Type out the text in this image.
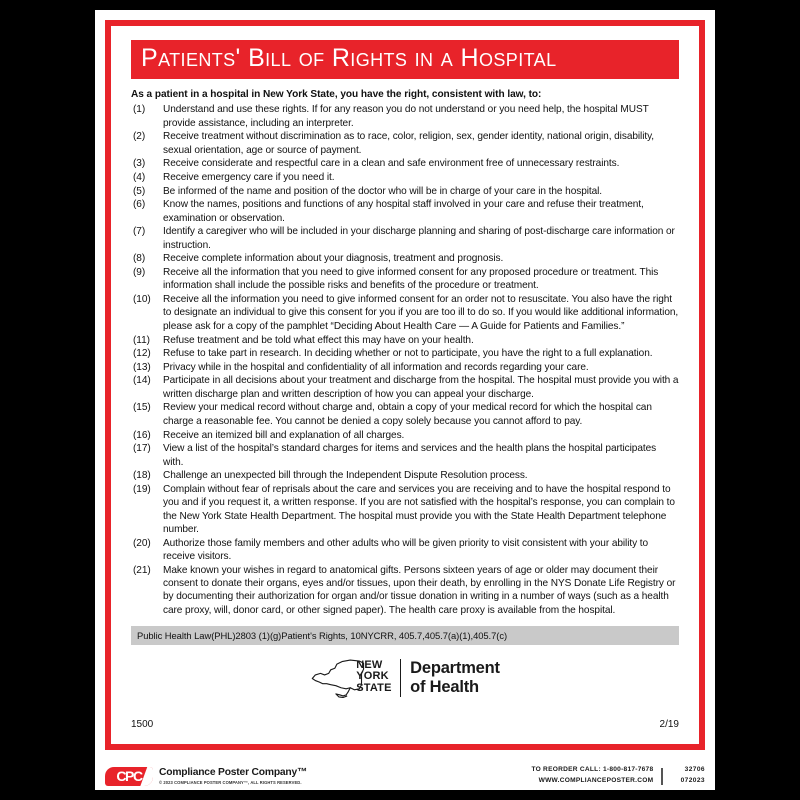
Patients' Bill of Rights in a Hospital
As a patient in a hospital in New York State, you have the right, consistent with law, to:
(1)	Understand and use these rights. If for any reason you do not understand or you need help, the hospital MUST provide assistance, including an interpreter.
(2)	Receive treatment without discrimination as to race, color, religion, sex, gender identity, national origin, disability, sexual orientation, age or source of payment.
(3)	Receive considerate and respectful care in a clean and safe environment free of unnecessary restraints.
(4)	Receive emergency care if you need it.
(5)	Be informed of the name and position of the doctor who will be in charge of your care in the hospital.
(6)	Know the names, positions and functions of any hospital staff involved in your care and refuse their treatment, examination or observation.
(7)	Identify a caregiver who will be included in your discharge planning and sharing of post-discharge care information or instruction.
(8)	Receive complete information about your diagnosis, treatment and prognosis.
(9)	Receive all the information that you need to give informed consent for any proposed procedure or treatment. This information shall include the possible risks and benefits of the procedure or treatment.
(10)	Receive all the information you need to give informed consent for an order not to resuscitate. You also have the right to designate an individual to give this consent for you if you are too ill to do so. If you would like additional information, please ask for a copy of the pamphlet “Deciding About Health Care — A Guide for Patients and Families.”
(11)	Refuse treatment and be told what effect this may have on your health.
(12)	Refuse to take part in research. In deciding whether or not to participate, you have the right to a full explanation.
(13)	Privacy while in the hospital and confidentiality of all information and records regarding your care.
(14)	Participate in all decisions about your treatment and discharge from the hospital. The hospital must provide you with a written discharge plan and written description of how you can appeal your discharge.
(15)	Review your medical record without charge and, obtain a copy of your medical record for which the hospital can charge a reasonable fee. You cannot be denied a copy solely because you cannot afford to pay.
(16)	Receive an itemized bill and explanation of all charges.
(17)	View a list of the hospital’s standard charges for items and services and the health plans the hospital participates with.
(18)	Challenge an unexpected bill through the Independent Dispute Resolution process.
(19)	Complain without fear of reprisals about the care and services you are receiving and to have the hospital respond to you and if you request it, a written response. If you are not satisfied with the hospital’s response, you can complain to the New York State Health Department. The hospital must provide you with the State Health Department telephone number.
(20)	Authorize those family members and other adults who will be given priority to visit consistent with your ability to receive visitors.
(21)	Make known your wishes in regard to anatomical gifts. Persons sixteen years of age or older may document their consent to donate their organs, eyes and/or tissues, upon their death, by enrolling in the NYS Donate Life Registry or by documenting their authorization for organ and/or tissue donation in writing in a number of ways (such as a health care proxy, will, donor card, or other signed paper). The health care proxy is available from the hospital.
Public Health Law(PHL)2803 (1)(g)Patient's Rights, 10NYCRR, 405.7,405.7(a)(1),405.7(c)
NEW
YORK
STATE
Department
of Health
1500	2/19
CPC Compliance Poster Company™
© 2023 COMPLIANCE POSTER COMPANY™, ALL RIGHTS RESERVED.
TO REORDER CALL: 1-800-817-7678
WWW.COMPLIANCEPOSTER.COM
32706
072023
